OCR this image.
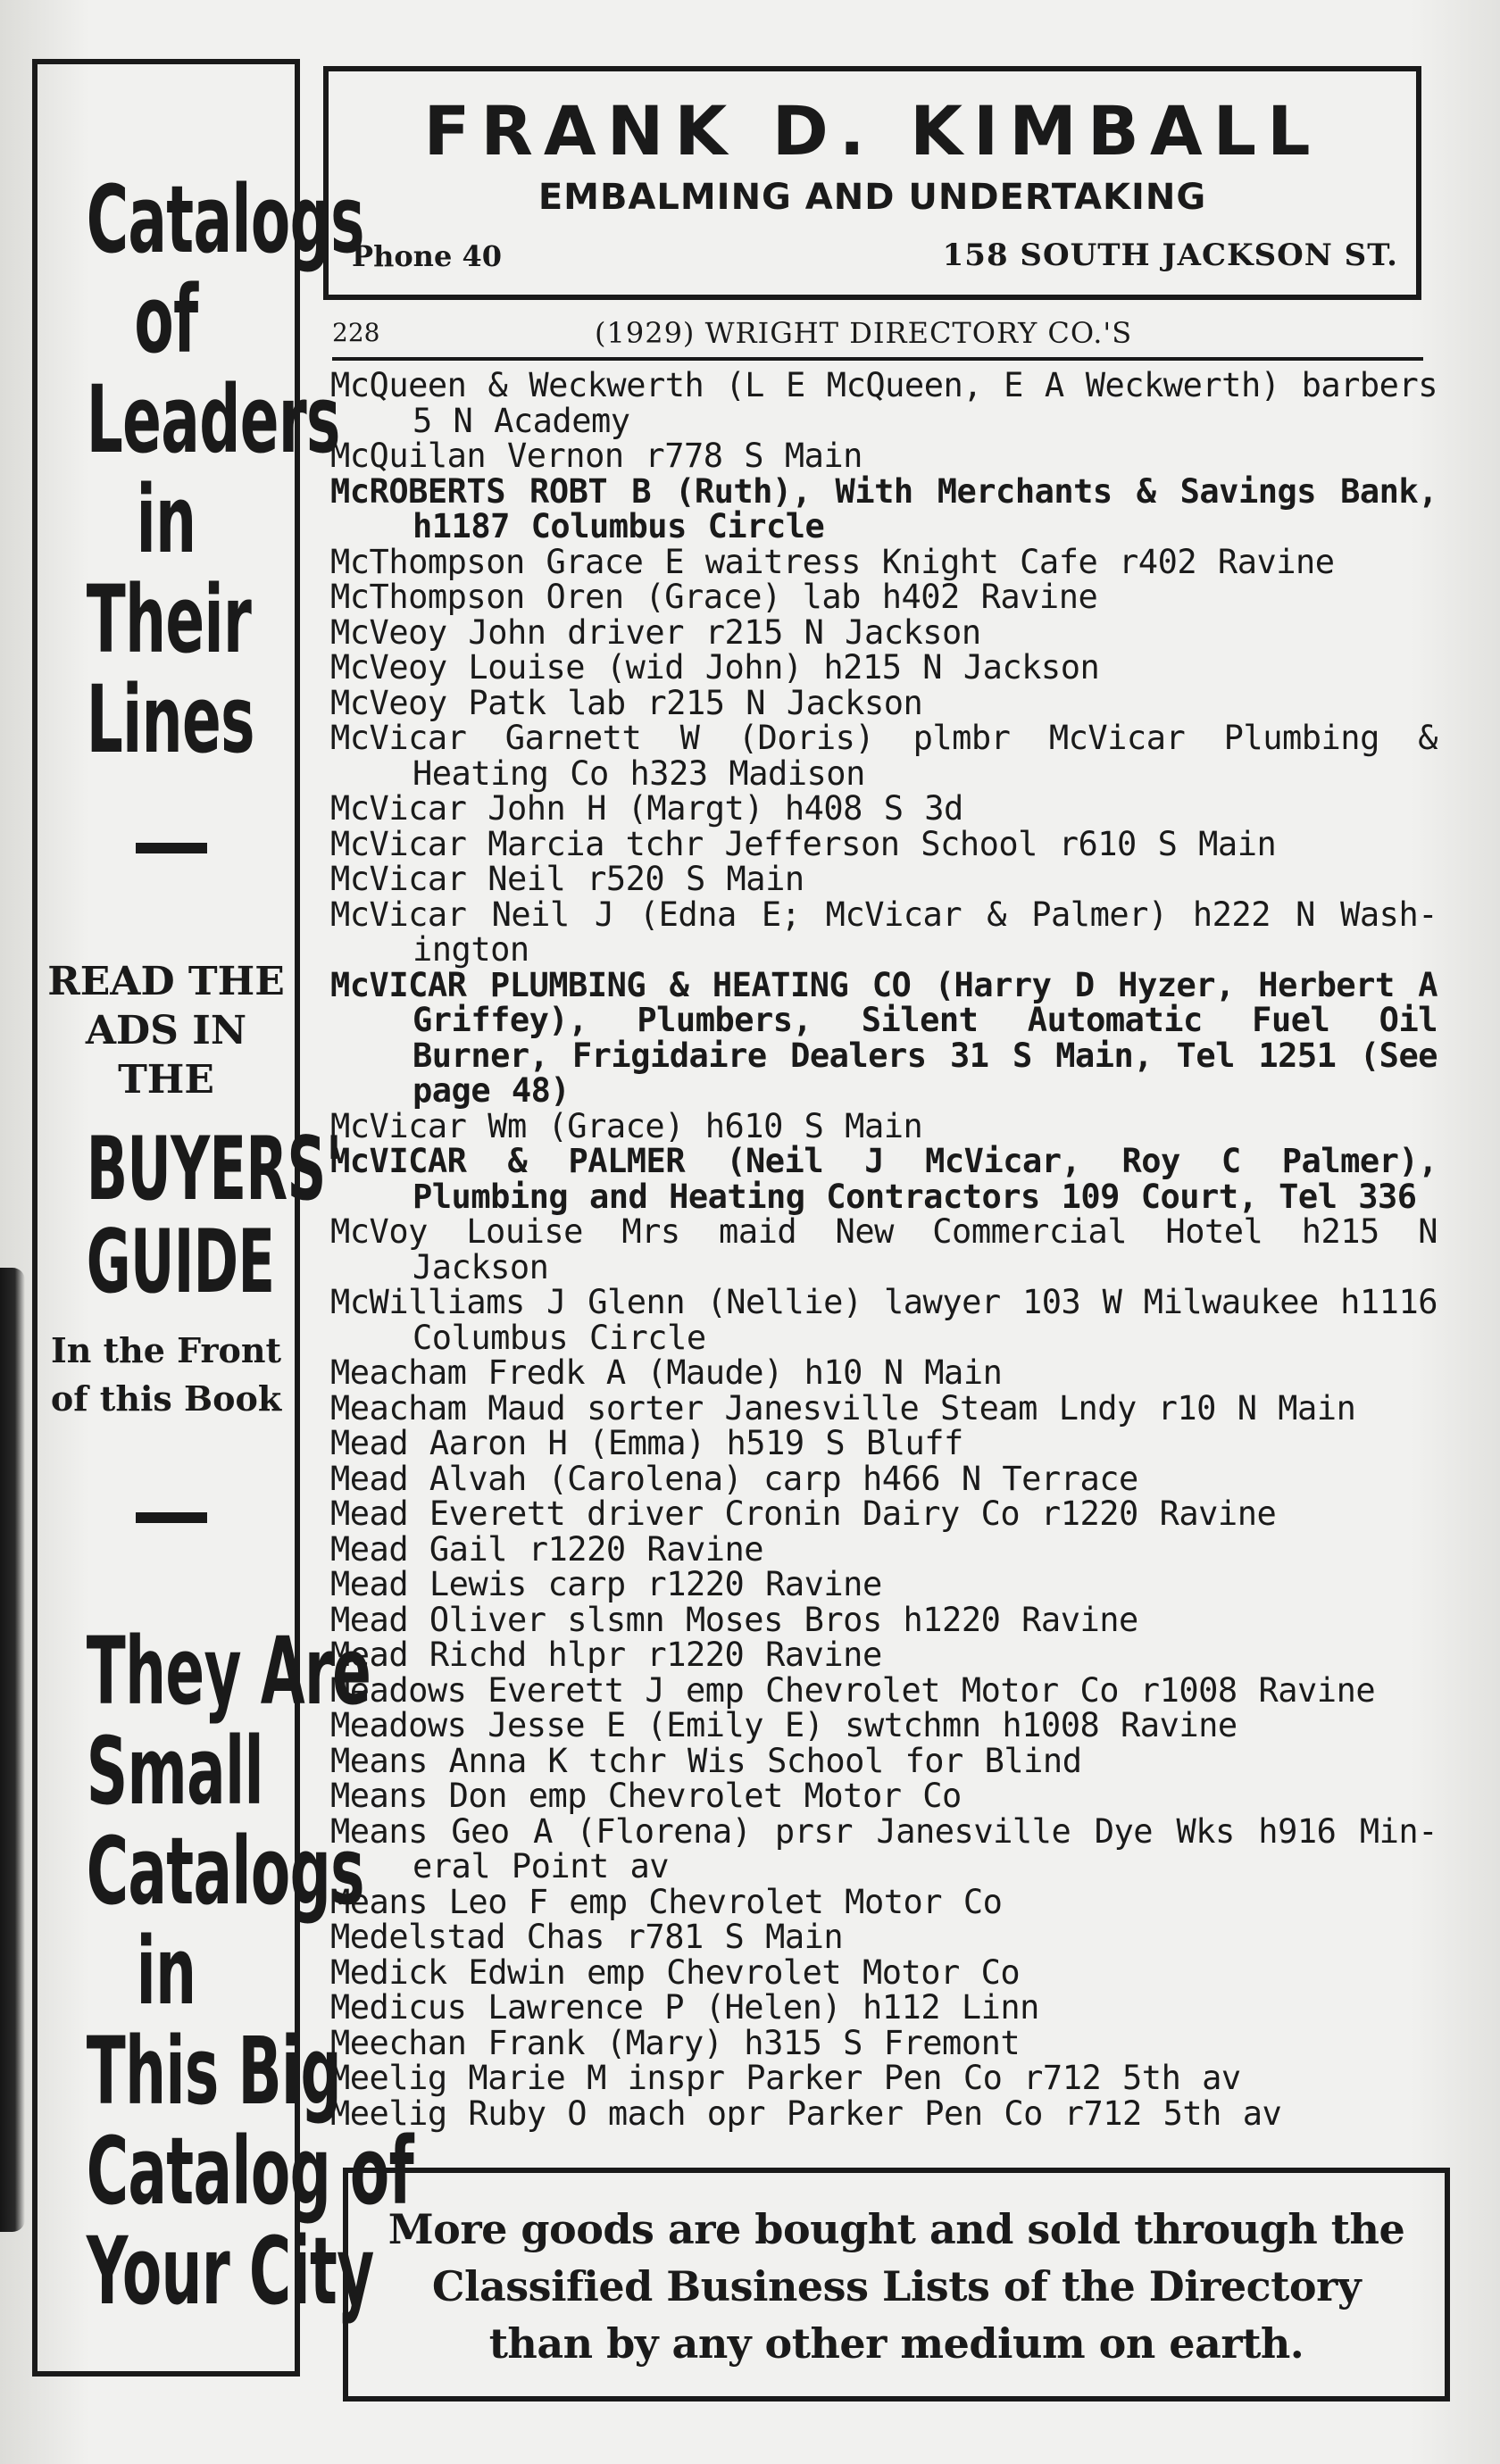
Catalogs
of
Leaders
in
Their
Lines
READ THE
ADS IN
THE
BUYERS'
GUIDE
In the Front
of this Book
They Are
Small
Catalogs
in
This Big
Catalog of
Your City
FRANK D. KIMBALL
EMBALMING AND UNDERTAKING
Phone 40	158 SOUTH JACKSON ST.
228	(1929) WRIGHT DIRECTORY CO.'S
McQueen & Weckwerth (L E McQueen, E A Weckwerth) barbers 5 N Academy
McQuilan Vernon r778 S Main
McROBERTS ROBT B (Ruth), With Merchants & Savings Bank, h1187 Columbus Circle
McThompson Grace E waitress Knight Cafe r402 Ravine
McThompson Oren (Grace) lab h402 Ravine
McVeoy John driver r215 N Jackson
McVeoy Louise (wid John) h215 N Jackson
McVeoy Patk lab r215 N Jackson
McVicar Garnett W (Doris) plmbr McVicar Plumbing & Heating Co h323 Madison
McVicar John H (Margt) h408 S 3d
McVicar Marcia tchr Jefferson School r610 S Main
McVicar Neil r520 S Main
McVicar Neil J (Edna E; McVicar & Palmer) h222 N Wash- ington
McVICAR PLUMBING & HEATING CO (Harry D Hyzer, Herbert A Griffey), Plumbers, Silent Automatic Fuel Oil Burner, Frigidaire Dealers 31 S Main, Tel 1251 (See page 48)
McVicar Wm (Grace) h610 S Main
McVICAR & PALMER (Neil J McVicar, Roy C Palmer), Plumbing and Heating Contractors 109 Court, Tel 336
McVoy Louise Mrs maid New Commercial Hotel h215 N Jackson
McWilliams J Glenn (Nellie) lawyer 103 W Milwaukee h1116 Columbus Circle
Meacham Fredk A (Maude) h10 N Main
Meacham Maud sorter Janesville Steam Lndy r10 N Main
Mead Aaron H (Emma) h519 S Bluff
Mead Alvah (Carolena) carp h466 N Terrace
Mead Everett driver Cronin Dairy Co r1220 Ravine
Mead Gail r1220 Ravine
Mead Lewis carp r1220 Ravine
Mead Oliver slsmn Moses Bros h1220 Ravine
Mead Richd hlpr r1220 Ravine
Meadows Everett J emp Chevrolet Motor Co r1008 Ravine
Meadows Jesse E (Emily E) swtchmn h1008 Ravine
Means Anna K tchr Wis School for Blind
Means Don emp Chevrolet Motor Co
Means Geo A (Florena) prsr Janesville Dye Wks h916 Min- eral Point av
Means Leo F emp Chevrolet Motor Co
Medelstad Chas r781 S Main
Medick Edwin emp Chevrolet Motor Co
Medicus Lawrence P (Helen) h112 Linn
Meechan Frank (Mary) h315 S Fremont
Meelig Marie M inspr Parker Pen Co r712 5th av
Meelig Ruby O mach opr Parker Pen Co r712 5th av
More goods are bought and sold through the
Classified Business Lists of the Directory
than by any other medium on earth.
